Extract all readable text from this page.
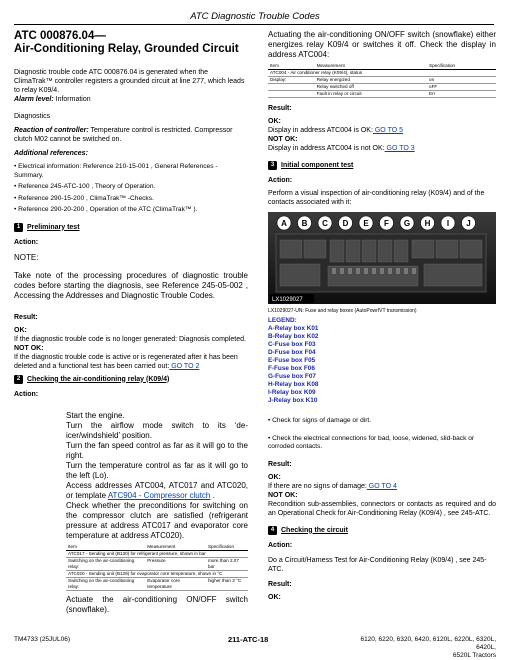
ATC Diagnostic Trouble Codes
ATC 000876.04—
Air-Conditioning Relay, Grounded Circuit

Diagnostic trouble code ATC 000876.04 is generated when the ClimaTrak™ controller registers a grounded circuit at line 277, which leads to relay K09/4.

Alarm level: Information

Diagnostics

Reaction of controller: Temperature control is restricted. Compressor clutch M02 cannot be switched on.

Additional references:

• Electrical information: Reference 210-15-001 , General References - Summary.
• Reference 245-ATC-100 , Theory of Operation.
• Reference 290-15-200 , ClimaTrak™ -Checks.
• Reference 290-20-200 , Operation of the ATC (ClimaTrak™ ).
1 Preliminary test

Action:

NOTE:

Take note of the processing procedures of diagnostic trouble codes before starting the diagnosis, see Reference 245-05-002 , Accessing the Addresses and Diagnostic Trouble Codes.

Result:

OK:

If the diagnostic trouble code is no longer generated: Diagnosis completed.

NOT OK:

If the diagnostic trouble code is active or is regenerated after it has been deleted and a functional test has been carried out: GO TO 2

2 Checking the air-conditioning relay (K09/4)

Action:

Start the engine.
Turn the airflow mode switch to its ‘de-icer/windshield’ position.
Turn the fan speed control as far as it will go to the right.
Turn the temperature control as far as it will go to the left (Lo).
Access addresses ATC004, ATC017 and ATC020, or template ATC904 - Compressor clutch .
Check whether the preconditions for switching on the compressor clutch are satisfied (refrigerant pressure at address ATC017 and evaporator core temperature at address ATC020).
Item	Measurement	Specification
ATC017 - Sending unit (B130) for refrigerant pressure, shown in bar		
Switching on the air-conditioning relay:	Pressure	more than 2.07 bar
ATC020 - Sending unit (B129) for evaporator core temperature, shown in °C		
Switching on the air-conditioning relay:	Evaporator core temperature	higher than 3 °C

Actuate the air-conditioning ON/OFF switch (snowflake).

Actuating the air-conditioning ON/OFF switch (snowflake) either energizes relay K09/4 or switches it off. Check the display in address ATC004:

Item	Measurement	Specification
ATC004 - Air conditioner relay (K09/4), status		
Display:	Relay energized	on
	Relay switched off	oFF
	Fault in relay or circuit	Err

Result:

OK:

Display in address ATC004 is OK: GO TO 5

NOT OK:

Display in address ATC004 is not OK: GO TO 3

3 Initial component test

Action:

Perform a visual inspection of air-conditioning relay (K09/4) and of the contacts associated with it:

A B C D E F G H I J
LX1029027

LX1029027-UN: Fuse and relay boxes (AutoPowrIVT transmission)

LEGEND:
A-Relay box K01
B-Relay box K02
C-Fuse box F03
D-Fuse box F04
E-Fuse box F05
F-Fuse box F06
G-Fuse box F07
H-Relay box K08
I-Relay box K09
J-Relay box K10
• Check for signs of damage or dirt.
• Check the electrical connections for bad, loose, widened, slid-back or corroded contacts.

Result:

OK:

If there are no signs of damage: GO TO 4

NOT OK:

Recondition sub-assemblies, connectors or contacts as required and do an Operational Check for Air-Conditioning Relay (K09/4) , see 245-ATC.

4 Checking the circuit

Action:

Do a Circuit/Harness Test for Air-Conditioning Relay (K09/4) , see 245-ATC.

Result:

OK:

TM4733 (25JUL06)	211-ATC-18	6120, 6220, 6320, 6420, 6120L, 6220L, 6320L, 6420L,
6520L Tractors
